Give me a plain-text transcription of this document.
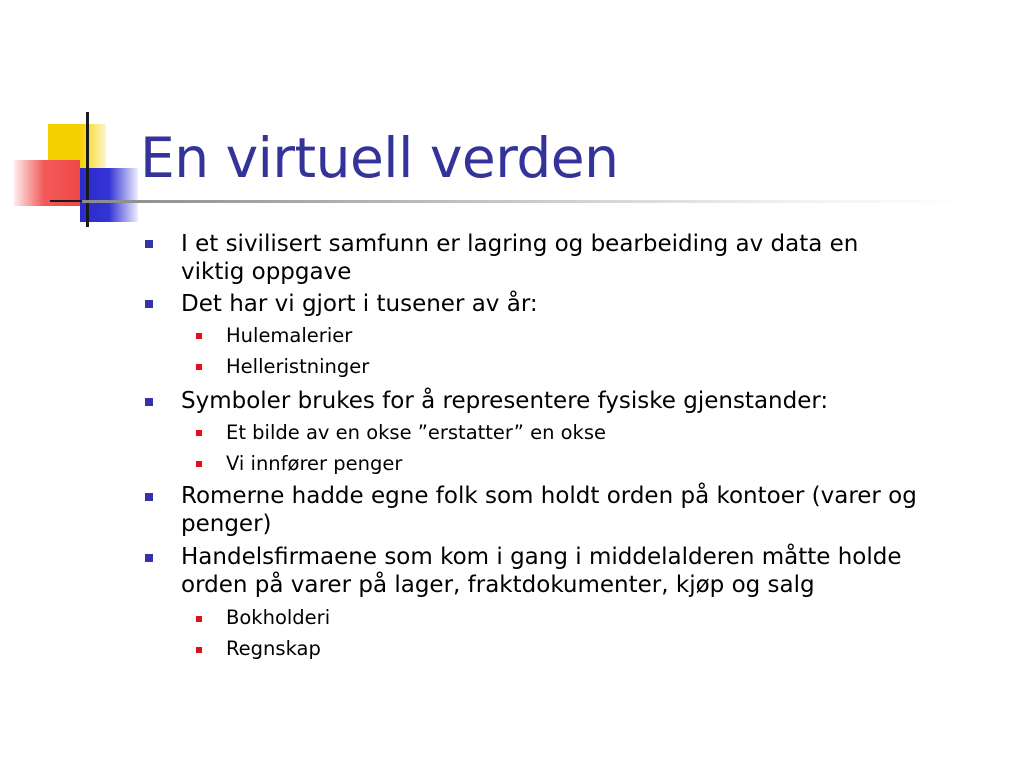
En virtuell verden
I et sivilisert samfunn er lagring og bearbeiding av data en
viktig oppgave
Det har vi gjort i tusener av år:
Hulemalerier
Helleristninger
Symboler brukes for å representere fysiske gjenstander:
Et bilde av en okse ”erstatter” en okse
Vi innfører penger
Romerne hadde egne folk som holdt orden på kontoer (varer og
penger)
Handelsfirmaene som kom i gang i middelalderen måtte holde
orden på varer på lager, fraktdokumenter, kjøp og salg
Bokholderi
Regnskap
